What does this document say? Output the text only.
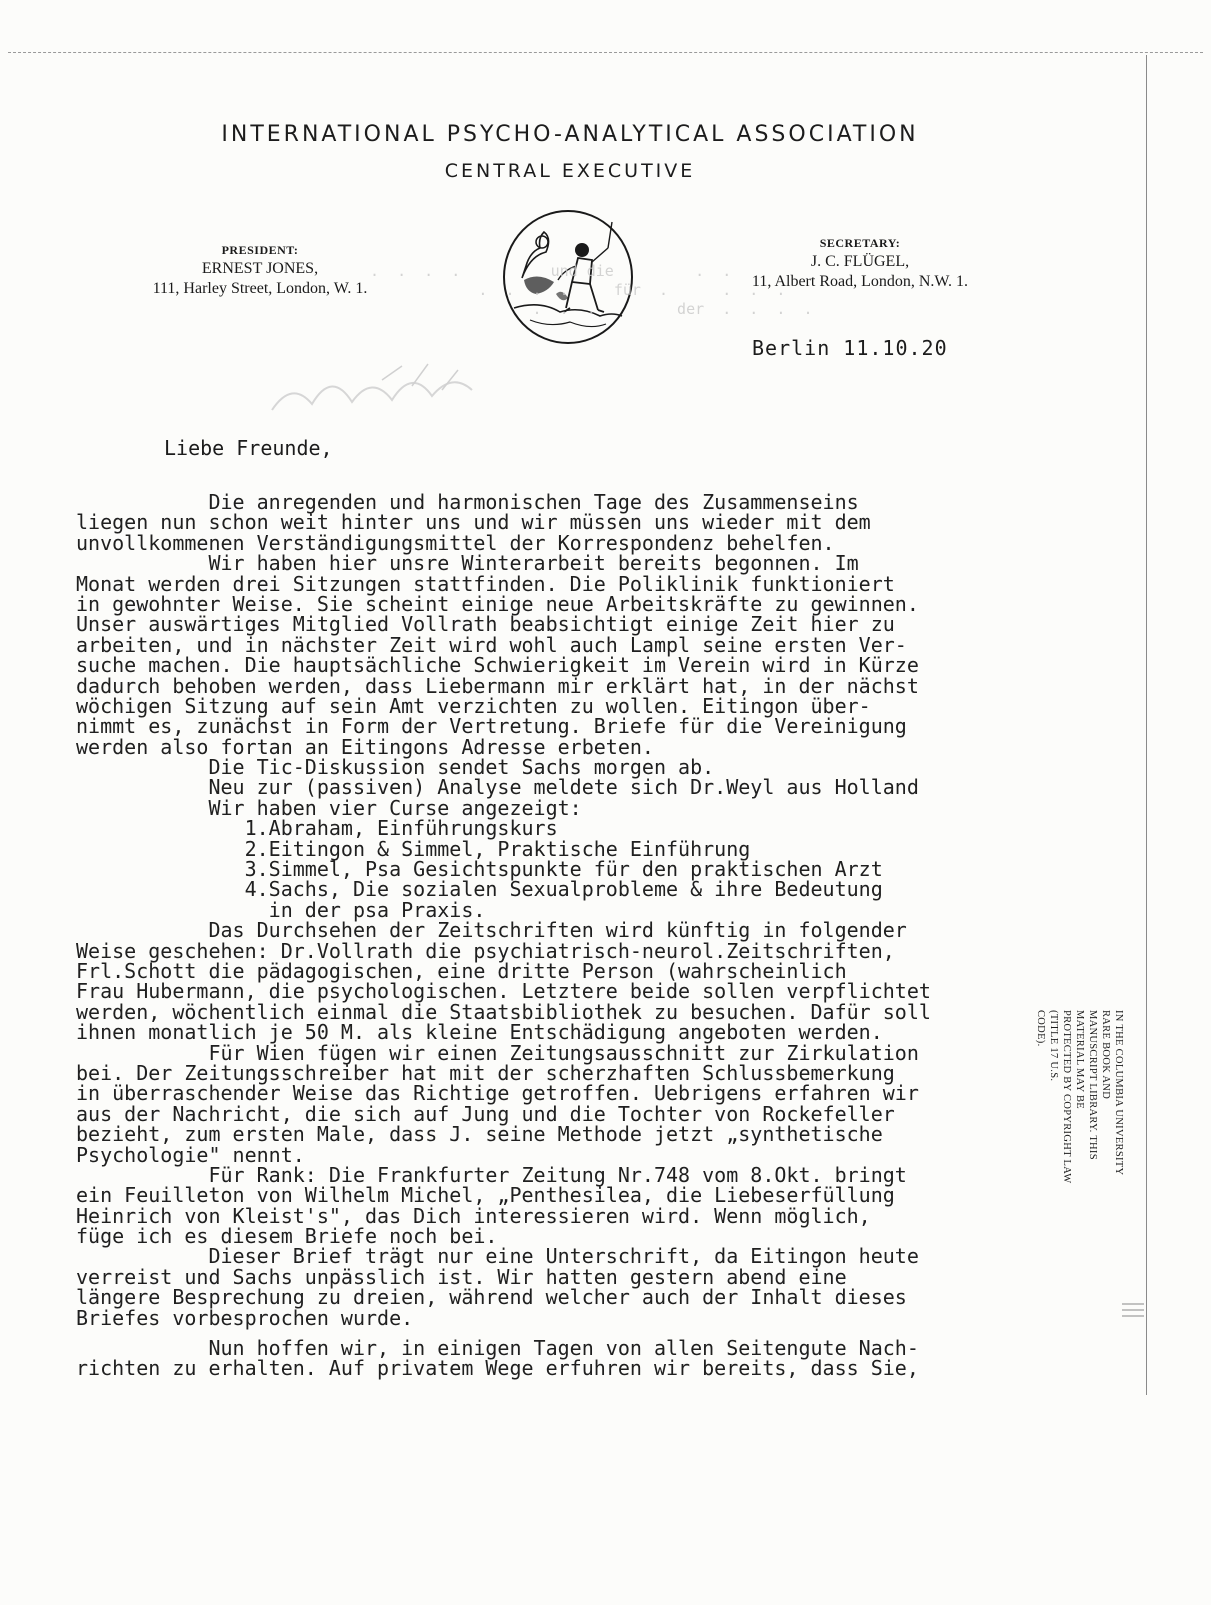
INTERNATIONAL PSYCHO-ANALYTICAL ASSOCIATION
CENTRAL EXECUTIVE
PRESIDENT:
ERNEST JONES,
111, Harley Street, London, W. 1.
SECRETARY:
J. C. FLÜGEL,
11, Albert Road, London, N.W. 1.
.  .  .  .          und die         .  .
.  .  .  .     für  .      .  .  .
.  .  .         der  .  .  .  .
Berlin 11.10.20
Liebe Freunde,
Die anregenden und harmonischen Tage des Zusammenseins
liegen nun schon weit hinter uns und wir müssen uns wieder mit dem
unvollkommenen Verständigungsmittel der Korrespondenz behelfen.
Wir haben hier unsre Winterarbeit bereits begonnen. Im
Monat werden drei Sitzungen stattfinden. Die Poliklinik funktioniert
in gewohnter Weise. Sie scheint einige neue Arbeitskräfte zu gewinnen.
Unser auswärtiges Mitglied Vollrath beabsichtigt einige Zeit hier zu
arbeiten, und in nächster Zeit wird wohl auch Lampl seine ersten Ver-
suche machen. Die hauptsächliche Schwierigkeit im Verein wird in Kürze
dadurch behoben werden, dass Liebermann mir erklärt hat, in der nächst
wöchigen Sitzung auf sein Amt verzichten zu wollen. Eitingon über-
nimmt es, zunächst in Form der Vertretung. Briefe für die Vereinigung
werden also fortan an Eitingons Adresse erbeten.
Die Tic-Diskussion sendet Sachs morgen ab.
Neu zur (passiven) Analyse meldete sich Dr.Weyl aus Holland
Wir haben vier Curse angezeigt:
1.Abraham, Einführungskurs
2.Eitingon & Simmel, Praktische Einführung
3.Simmel, Psa Gesichtspunkte für den praktischen Arzt
4.Sachs, Die sozialen Sexualprobleme & ihre Bedeutung
in der psa Praxis.
Das Durchsehen der Zeitschriften wird künftig in folgender
Weise geschehen: Dr.Vollrath die psychiatrisch-neurol.Zeitschriften,
Frl.Schott die pädagogischen, eine dritte Person (wahrscheinlich
Frau Hubermann, die psychologischen. Letztere beide sollen verpflichtet
werden, wöchentlich einmal die Staatsbibliothek zu besuchen. Dafür soll
ihnen monatlich je 50 M. als kleine Entschädigung angeboten werden.
Für Wien fügen wir einen Zeitungsausschnitt zur Zirkulation
bei. Der Zeitungsschreiber hat mit der scherzhaften Schlussbemerkung
in überraschender Weise das Richtige getroffen. Uebrigens erfahren wir
aus der Nachricht, die sich auf Jung und die Tochter von Rockefeller
bezieht, zum ersten Male, dass J. seine Methode jetzt „synthetische
Psychologie" nennt.
Für Rank: Die Frankfurter Zeitung Nr.748 vom 8.Okt. bringt
ein Feuilleton von Wilhelm Michel, „Penthesilea, die Liebeserfüllung
Heinrich von Kleist's", das Dich interessieren wird. Wenn möglich,
füge ich es diesem Briefe noch bei.
Dieser Brief trägt nur eine Unterschrift, da Eitingon heute
verreist und Sachs unpässlich ist. Wir hatten gestern abend eine
längere Besprechung zu dreien, während welcher auch der Inhalt dieses
Briefes vorbesprochen wurde.
Nun hoffen wir, in einigen Tagen von allen Seitengute Nach-
richten zu erhalten. Auf privatem Wege erfuhren wir bereits, dass Sie,
IN THE COLUMBIA UNIVERSITY RARE BOOK AND
MANUSCRIPT LIBRARY. THIS MATERIAL MAY BE
PROTECTED BY COPYRIGHT LAW (TITLE 17 U.S.
CODE).
